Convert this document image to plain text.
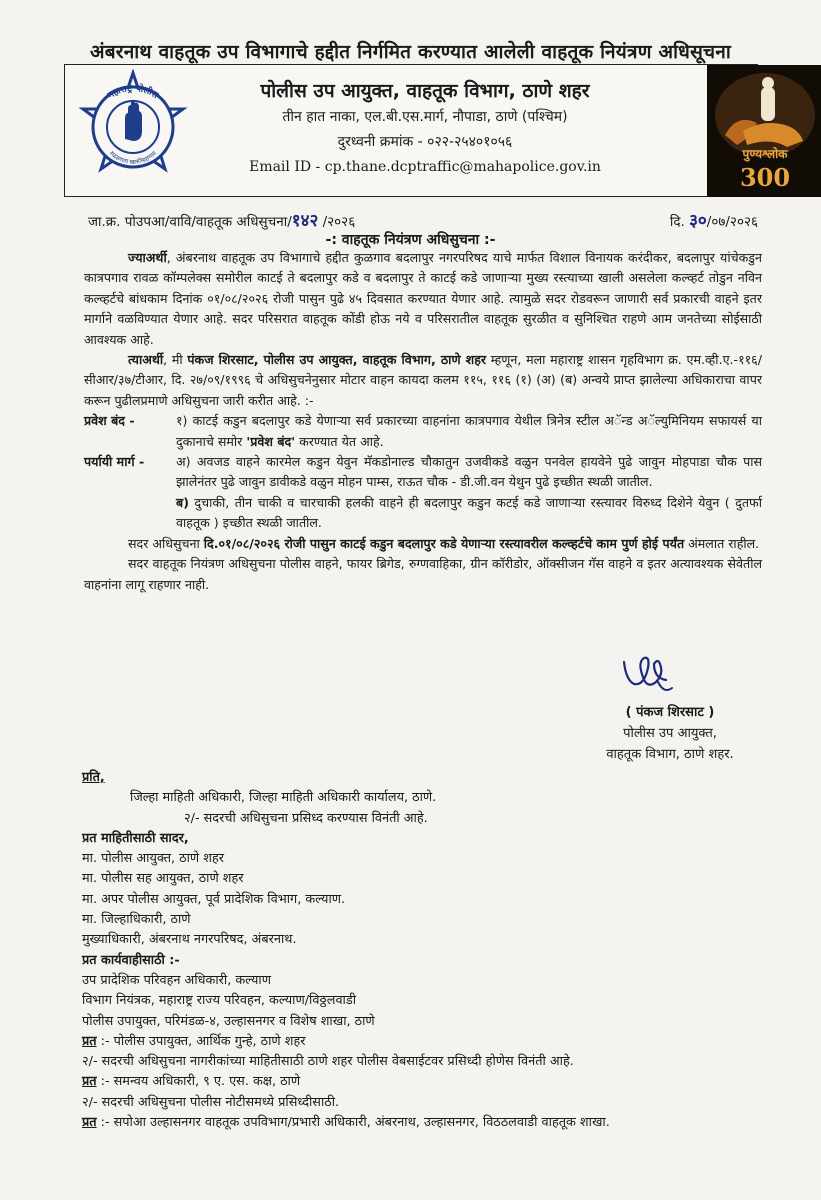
अंबरनाथ वाहतूक उप विभागाचे हद्दीत निर्गमित करण्यात आलेली वाहतूक नियंत्रण अधिसूचना
महाराष्ट्र पोलीस
सद्रक्षणाय खलनिग्रहणाय
पोलीस उप आयुक्त, वाहतूक विभाग, ठाणे शहर
तीन हात नाका, एल.बी.एस.मार्ग, नौपाडा, ठाणे (पश्चिम)
दुरध्वनी क्रमांक - ०२२-२५४०१०५६
Email ID - cp.thane.dcptraffic@mahapolice.gov.in
पुण्यश्लोक
300
जा.क्र. पोउपआ/वावि/वाहतूक अधिसुचना/१४२ /२०२६	दि. ३०/०७/२०२६
-: वाहतूक नियंत्रण अधिसुचना :-

ज्याअर्थी, अंबरनाथ वाहतूक उप विभागाचे हद्दीत कुळगाव बदलापुर नगरपरिषद याचे मार्फत विशाल विनायक करंदीकर, बदलापुर यांचेकडुन कात्रपगाव रावळ कॉम्पलेक्स समोरील काटई ते बदलापुर कडे व बदलापुर ते काटई कडे जाणाऱ्या मुख्य रस्त्याच्या खाली असलेला कल्व्हर्ट तोडुन नविन कल्व्हर्टचे बांधकाम दिनांक ०१/०८/२०२६ रोजी पासुन पुढे ४५ दिवसात करण्यात येणार आहे. त्यामुळे सदर रोडवरून जाणारी सर्व प्रकारची वाहने इतर मार्गाने वळविण्यात येणार आहे. सदर परिसरात वाहतूक कोंडी होऊ नये व परिसरातील वाहतूक सुरळीत व सुनिश्चित राहणे आम जनतेच्या सोईसाठी आवश्यक आहे.

त्याअर्थी, मी पंकज शिरसाट, पोलीस उप आयुक्त, वाहतूक विभाग, ठाणे शहर म्हणून, मला महाराष्ट्र शासन गृहविभाग क्र. एम.व्ही.ए.-११६/सीआर/३७/टीआर, दि. २७/०९/१९९६ चे अधिसुचनेनुसार मोटार वाहन कायदा कलम ११५, ११६ (१) (अ) (ब) अन्वये प्राप्त झालेल्या अधिकाराचा वापर करून पुढीलप्रमाणे अधिसुचना जारी करीत आहे. :-

प्रवेश बंद -	१) काटई कडुन बदलापुर कडे येणाऱ्या सर्व प्रकारच्या वाहनांना कात्रपगाव येथील त्रिनेत्र स्टील अॅन्ड अॅल्युमिनियम सफायर्स या दुकानाचे समोर 'प्रवेश बंद' करण्यात येत आहे.
पर्यायी मार्ग -	अ) अवजड वाहने कारमेल कडुन येवुन मॅकडोनाल्ड चौकातुन उजवीकडे वळुन पनवेल हायवेने पुढे जावुन मोहपाडा चौक पास झालेनंतर पुढे जावुन डावीकडे वळुन मोहन पाम्स, राऊत चौक - डी.जी.वन येथुन पुढे इच्छीत स्थळी जातील.

ब) दुचाकी, तीन चाकी व चारचाकी हलकी वाहने ही बदलापुर कडुन कटई कडे जाणाऱ्या रस्त्यावर विरुध्द दिशेने येवुन ( दुतर्फा वाहतूक ) इच्छीत स्थळी जातील.

सदर अधिसुचना दि.०१/०८/२०२६ रोजी पासुन काटई कडुन बदलापुर कडे येणाऱ्या रस्त्यावरील कल्व्हर्टचे काम पुर्ण होई पर्यंत अंमलात राहील.

सदर वाहतूक नियंत्रण अधिसुचना पोलीस वाहने, फायर ब्रिगेड, रुग्णवाहिका, ग्रीन कॉरीडोर, ऑक्सीजन गॅस वाहने व इतर अत्यावश्यक सेवेतील वाहनांना लागू राहणार नाही.

( पंकज शिरसाट )
पोलीस उप आयुक्त,
वाहतूक विभाग, ठाणे शहर.
प्रति,
जिल्हा माहिती अधिकारी, जिल्हा माहिती अधिकारी कार्यालय, ठाणे.
२/- सदरची अधिसुचना प्रसिध्द करण्यास विनंती आहे.
प्रत माहितीसाठी सादर,
मा. पोलीस आयुक्त, ठाणे शहर
मा. पोलीस सह आयुक्त, ठाणे शहर
मा. अपर पोलीस आयुक्त, पूर्व प्रादेशिक विभाग, कल्याण.
मा. जिल्हाधिकारी, ठाणे
मुख्याधिकारी, अंबरनाथ नगरपरिषद, अंबरनाथ.
प्रत कार्यवाहीसाठी :-
उप प्रादेशिक परिवहन अधिकारी, कल्याण
विभाग नियंत्रक, महाराष्ट्र राज्य परिवहन, कल्याण/विठ्ठलवाडी
पोलीस उपायुक्त, परिमंडळ-४, उल्हासनगर व विशेष शाखा, ठाणे
प्रत :- पोलीस उपायुक्त, आर्थिक गुन्हे, ठाणे शहर
२/- सदरची अधिसुचना नागरीकांच्या माहितीसाठी ठाणे शहर पोलीस वेबसाईटवर प्रसिध्दी होणेस विनंती आहे.
प्रत :- समन्वय अधिकारी, ९ ए. एस. कक्ष, ठाणे
२/- सदरची अधिसुचना पोलीस नोटीसमध्ये प्रसिध्दीसाठी.
प्रत :- सपोआ उल्हासनगर वाहतूक उपविभाग/प्रभारी अधिकारी, अंबरनाथ, उल्हासनगर, विठठलवाडी वाहतूक शाखा.
